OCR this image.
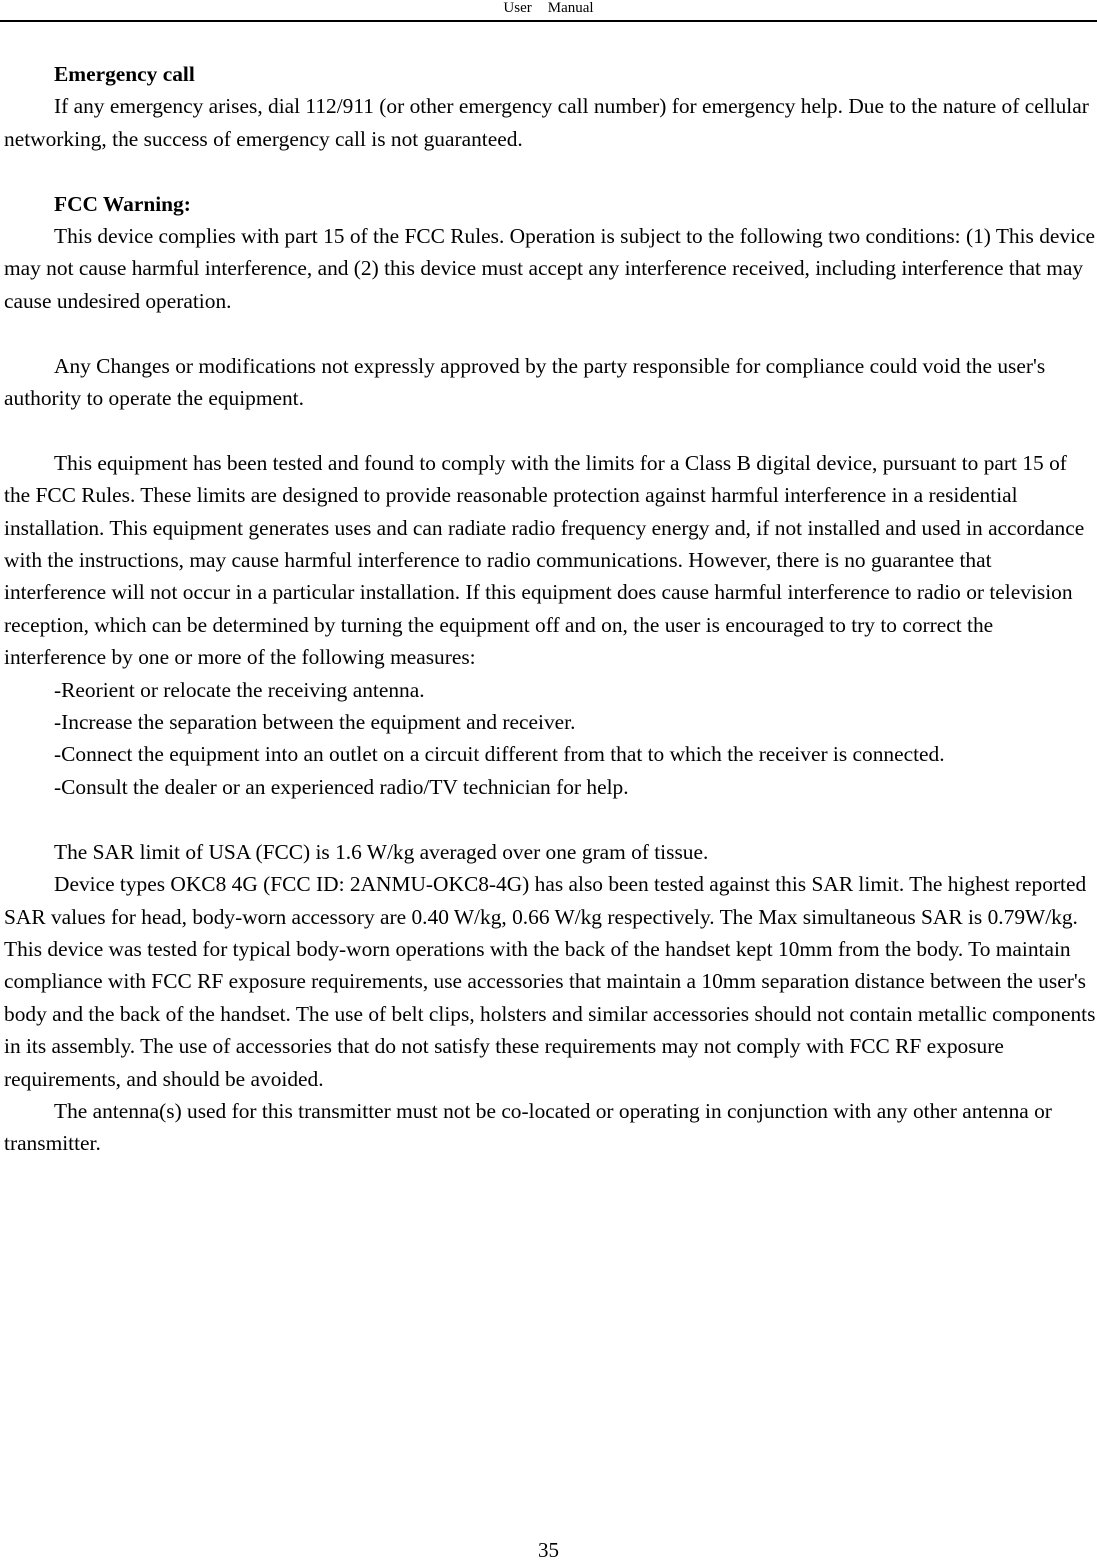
User Manual

Emergency call

If any emergency arises, dial 112/911 (or other emergency call number) for emergency help. Due to the nature of cellular networking, the success of emergency call is not guaranteed.

FCC Warning:

This device complies with part 15 of the FCC Rules. Operation is subject to the following two conditions: (1) This device may not cause harmful interference, and (2) this device must accept any interference received, including interference that may cause undesired operation.

Any Changes or modifications not expressly approved by the party responsible for compliance could void the user's authority to operate the equipment.

This equipment has been tested and found to comply with the limits for a Class B digital device, pursuant to part 15 of the FCC Rules. These limits are designed to provide reasonable protection against harmful interference in a residential installation. This equipment generates uses and can radiate radio frequency energy and, if not installed and used in accordance with the instructions, may cause harmful interference to radio communications. However, there is no guarantee that interference will not occur in a particular installation. If this equipment does cause harmful interference to radio or television reception, which can be determined by turning the equipment off and on, the user is encouraged to try to correct the interference by one or more of the following measures:

-Reorient or relocate the receiving antenna.

-Increase the separation between the equipment and receiver.

-Connect the equipment into an outlet on a circuit different from that to which the receiver is connected.

-Consult the dealer or an experienced radio/TV technician for help.

The SAR limit of USA (FCC) is 1.6 W/kg averaged over one gram of tissue.

Device types OKC8 4G (FCC ID: 2ANMU-OKC8-4G) has also been tested against this SAR limit. The highest reported SAR values for head, body-worn accessory are 0.40 W/kg, 0.66 W/kg respectively. The Max simultaneous SAR is 0.79W/kg. This device was tested for typical body-worn operations with the back of the handset kept 10mm from the body. To maintain compliance with FCC RF exposure requirements, use accessories that maintain a 10mm separation distance between the user's body and the back of the handset. The use of belt clips, holsters and similar accessories should not contain metallic components in its assembly. The use of accessories that do not satisfy these requirements may not comply with FCC RF exposure requirements, and should be avoided.

The antenna(s) used for this transmitter must not be co-located or operating in conjunction with any other antenna or transmitter.

35
